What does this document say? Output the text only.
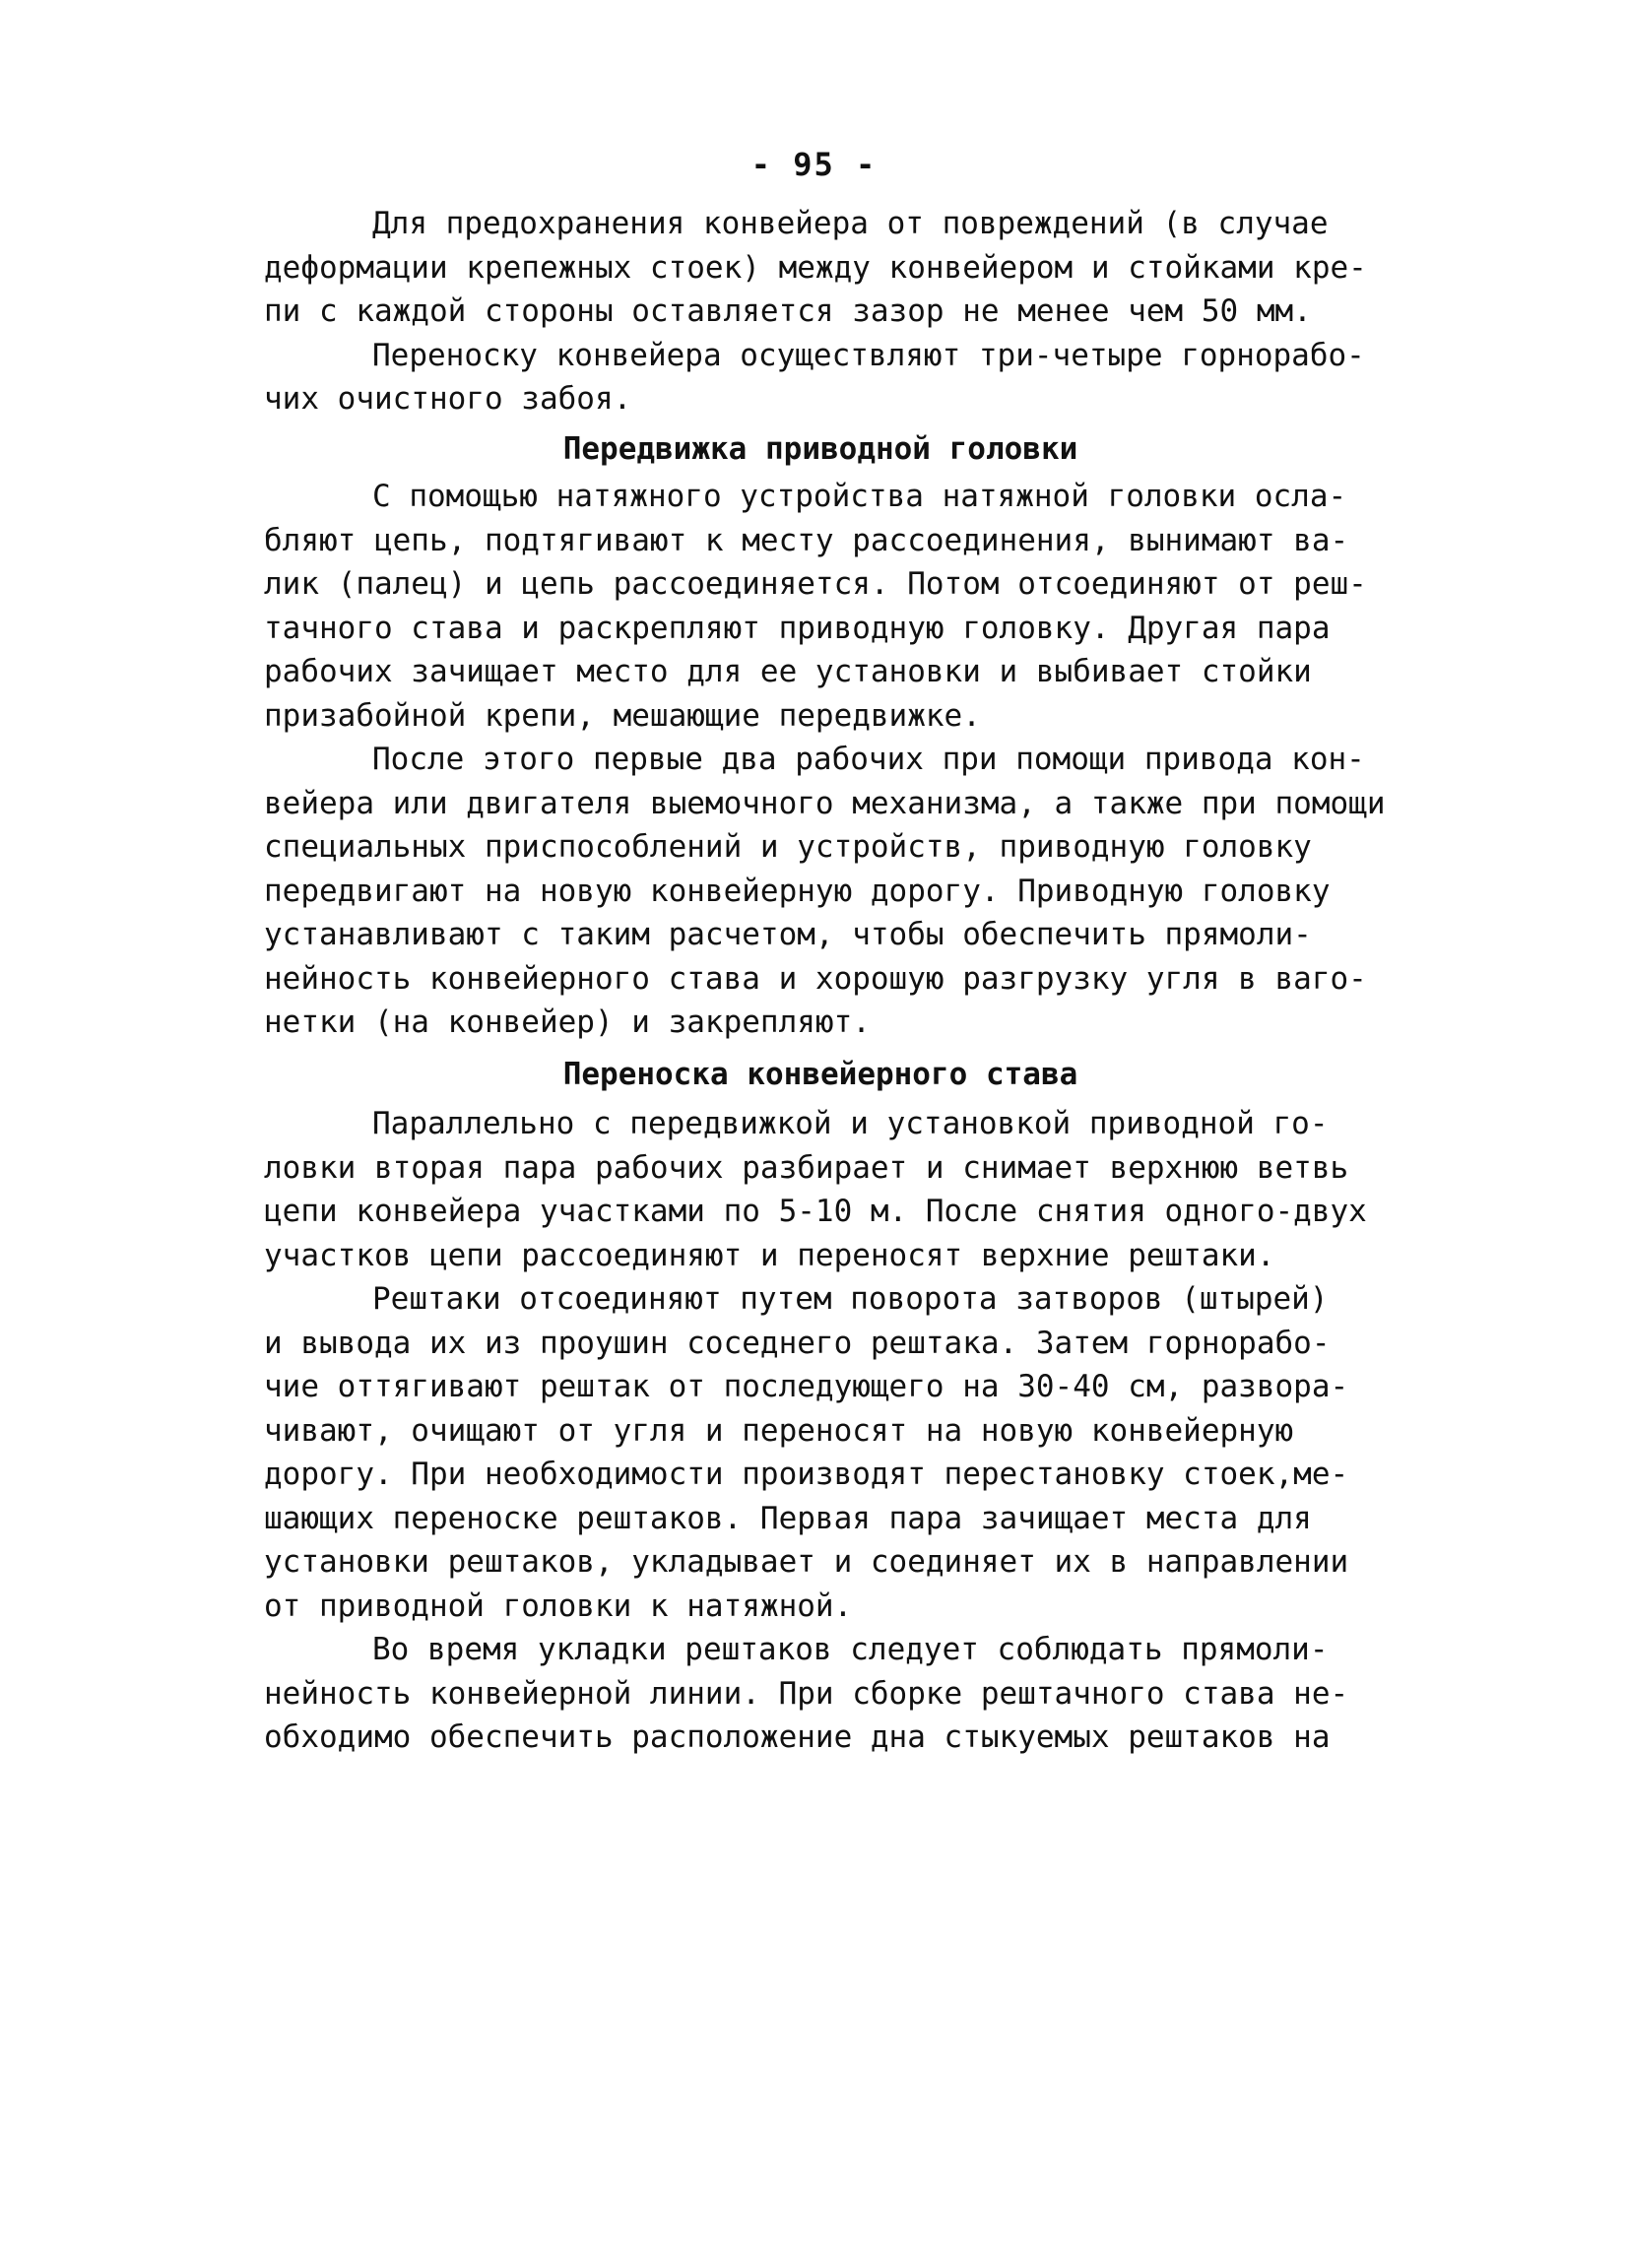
- 95 -
Для предохранения конвейера от повреждений (в случае
деформации крепежных стоек) между конвейером и стойками кре-
пи с каждой стороны оставляется зазор не менее чем 50 мм.
Переноску конвейера осуществляют три-четыре горнорабо-
чих очистного забоя.
Передвижка приводной головки
С помощью натяжного устройства натяжной головки осла-
бляют цепь, подтягивают к месту рассоединения, вынимают ва-
лик (палец) и цепь рассоединяется. Потом отсоединяют от реш-
тачного става и раскрепляют приводную головку. Другая пара
рабочих зачищает место для ее установки и выбивает стойки
призабойной крепи, мешающие передвижке.
После этого первые два рабочих при помощи привода кон-
вейера или двигателя выемочного механизма, а также при помощи
специальных приспособлений и устройств, приводную головку
передвигают на новую конвейерную дорогу. Приводную головку
устанавливают с таким расчетом, чтобы обеспечить прямоли-
нейность конвейерного става и хорошую разгрузку угля в ваго-
нетки (на конвейер) и закрепляют.
Переноска конвейерного става
Параллельно с передвижкой и установкой приводной го-
ловки вторая пара рабочих разбирает и снимает верхнюю ветвь
цепи конвейера участками по 5-10 м. После снятия одного-двух
участков цепи рассоединяют и переносят верхние рештаки.
Рештаки отсоединяют путем поворота затворов (штырей)
и вывода их из проушин соседнего рештака. Затем горнорабо-
чие оттягивают рештак от последующего на 30-40 см, развора-
чивают, очищают от угля и переносят на новую конвейерную
дорогу. При необходимости производят перестановку стоек,ме-
шающих переноске рештаков. Первая пара зачищает места для
установки рештаков, укладывает и соединяет их в направлении
от приводной головки к натяжной.
Во время укладки рештаков следует соблюдать прямоли-
нейность конвейерной линии. При сборке рештачного става не-
обходимо обеспечить расположение дна стыкуемых рештаков на
